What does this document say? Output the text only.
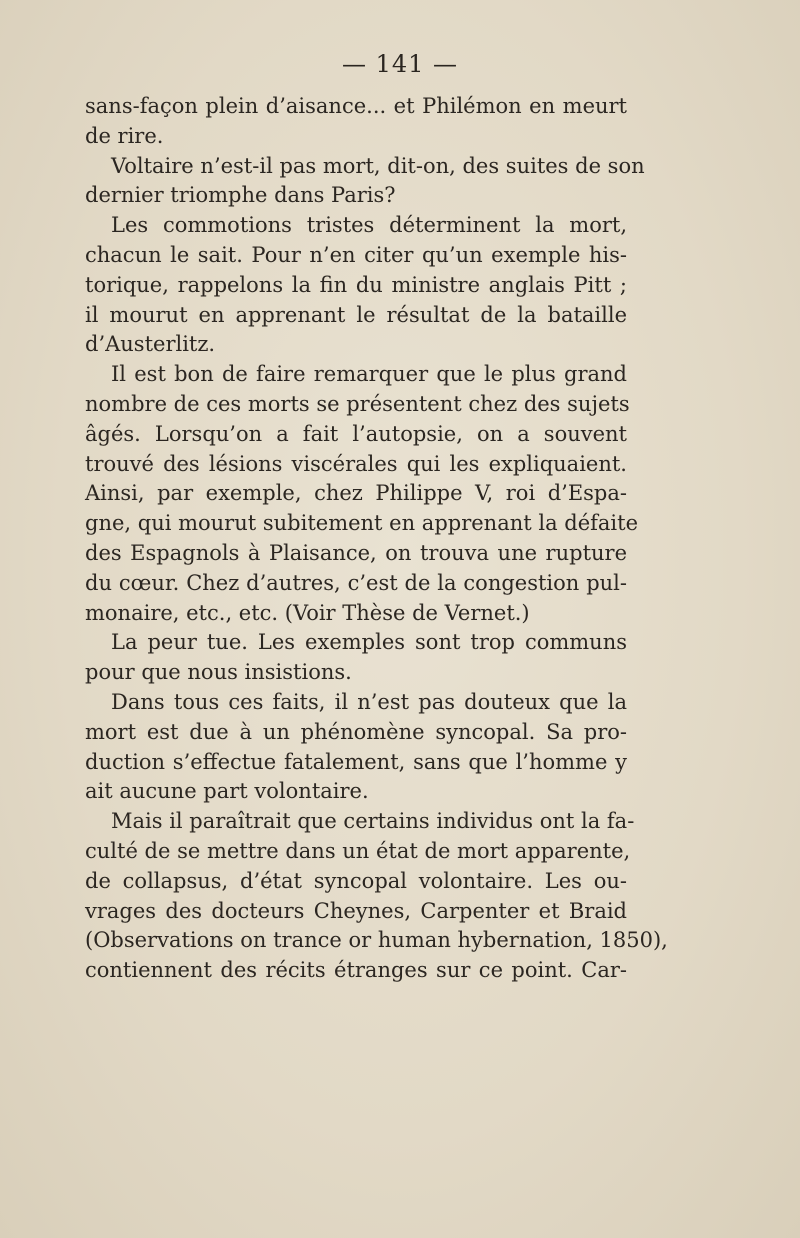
— 141 —
sans-façon plein d’aisance... et Philémon en meurt
de rire.
Voltaire n’est-il pas mort, dit-on, des suites de son
dernier triomphe dans Paris?
Les commotions tristes déterminent la mort,
chacun le sait. Pour n’en citer qu’un exemple his-
torique, rappelons la fin du ministre anglais Pitt ;
il mourut en apprenant le résultat de la bataille
d’Austerlitz.
Il est bon de faire remarquer que le plus grand
nombre de ces morts se présentent chez des sujets
âgés. Lorsqu’on a fait l’autopsie, on a souvent
trouvé des lésions viscérales qui les expliquaient.
Ainsi, par exemple, chez Philippe V, roi d’Espa-
gne, qui mourut subitement en apprenant la défaite
des Espagnols à Plaisance, on trouva une rupture
du cœur. Chez d’autres, c’est de la congestion pul-
monaire, etc., etc. (Voir Thèse de Vernet.)
La peur tue. Les exemples sont trop communs
pour que nous insistions.
Dans tous ces faits, il n’est pas douteux que la
mort est due à un phénomène syncopal. Sa pro-
duction s’effectue fatalement, sans que l’homme y
ait aucune part volontaire.
Mais il paraîtrait que certains individus ont la fa-
culté de se mettre dans un état de mort apparente,
de collapsus, d’état syncopal volontaire. Les ou-
vrages des docteurs Cheynes, Carpenter et Braid
(Observations on trance or human hybernation, 1850),
contiennent des récits étranges sur ce point. Car-
